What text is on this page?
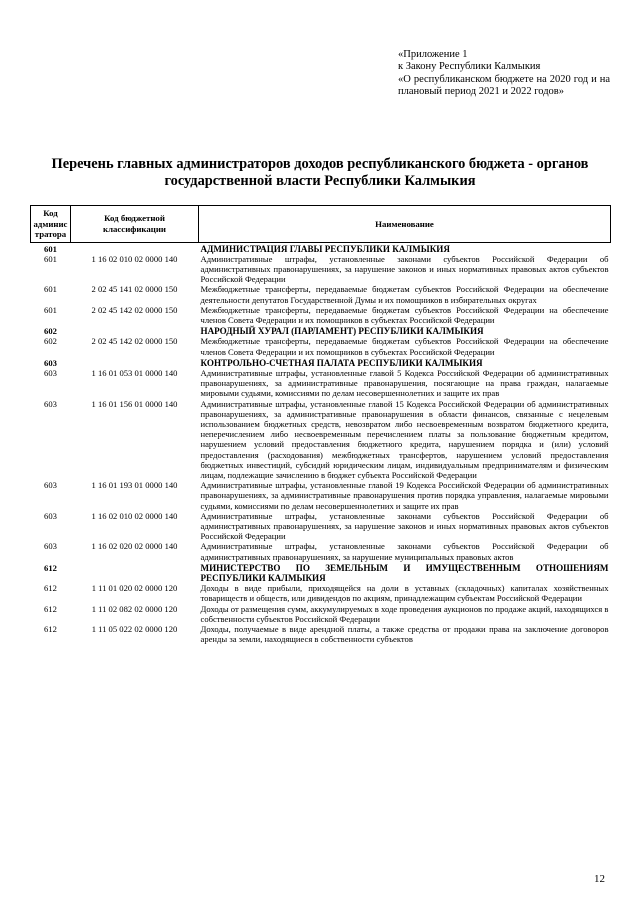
«Приложение 1
к Закону Республики Калмыкия
«О республиканском бюджете на 2020 год и на плановый период 2021 и 2022 годов»
Перечень главных администраторов доходов республиканского бюджета - органов государственной власти Республики Калмыкия
Код админис тратора	Код бюджетной классификации	Наименование
601		АДМИНИСТРАЦИЯ ГЛАВЫ РЕСПУБЛИКИ КАЛМЫКИЯ
601	1 16 02 010 02 0000 140	Административные штрафы, установленные законами субъектов Российской Федерации об административных правонарушениях, за нарушение законов и иных нормативных правовых актов субъектов Российской Федерации
601	2 02 45 141 02 0000 150	Межбюджетные трансферты, передаваемые бюджетам субъектов Российской Федерации на обеспечение деятельности депутатов Государственной Думы и их помощников в избирательных округах
601	2 02 45 142 02 0000 150	Межбюджетные трансферты, передаваемые бюджетам субъектов Российской Федерации на обеспечение членов Совета Федерации и их помощников в субъектах Российской Федерации
602		НАРОДНЫЙ ХУРАЛ (ПАРЛАМЕНТ) РЕСПУБЛИКИ КАЛМЫКИЯ
602	2 02 45 142 02 0000 150	Межбюджетные трансферты, передаваемые бюджетам субъектов Российской Федерации на обеспечение членов Совета Федерации и их помощников в субъектах Российской Федерации
603		КОНТРОЛЬНО-СЧЕТНАЯ ПАЛАТА РЕСПУБЛИКИ КАЛМЫКИЯ
603	1 16 01 053 01 0000 140	Административные штрафы, установленные главой 5 Кодекса Российской Федерации об административных правонарушениях, за административные правонарушения, посягающие на права граждан, налагаемые мировыми судьями, комиссиями по делам несовершеннолетних и защите их прав
603	1 16 01 156 01 0000 140	Административные штрафы, установленные главой 15 Кодекса Российской Федерации об административных правонарушениях, за административные правонарушения в области финансов, связанные с нецелевым использованием бюджетных средств, невозвратом либо несвоевременным возвратом бюджетного кредита, неперечислением либо несвоевременным перечислением платы за пользование бюджетным кредитом, нарушением условий предоставления бюджетного кредита, нарушением порядка и (или) условий предоставления (расходования) межбюджетных трансфертов, нарушением условий предоставления бюджетных инвестиций, субсидий юридическим лицам, индивидуальным предпринимателям и физическим лицам, подлежащие зачислению в бюджет субъекта Российской Федерации
603	1 16 01 193 01 0000 140	Административные штрафы, установленные главой 19 Кодекса Российской Федерации об административных правонарушениях, за административные правонарушения против порядка управления, налагаемые мировыми судьями, комиссиями по делам несовершеннолетних и защите их прав
603	1 16 02 010 02 0000 140	Административные штрафы, установленные законами субъектов Российской Федерации об административных правонарушениях, за нарушение законов и иных нормативных правовых актов субъектов Российской Федерации
603	1 16 02 020 02 0000 140	Административные штрафы, установленные законами субъектов Российской Федерации об административных правонарушениях, за нарушение муниципальных правовых актов
612		МИНИСТЕРСТВО ПО ЗЕМЕЛЬНЫМ И ИМУЩЕСТВЕННЫМ ОТНОШЕНИЯМ РЕСПУБЛИКИ КАЛМЫКИЯ
612	1 11 01 020 02 0000 120	Доходы в виде прибыли, приходящейся на доли в уставных (складочных) капиталах хозяйственных товариществ и обществ, или дивидендов по акциям, принадлежащим субъектам Российской Федерации
612	1 11 02 082 02 0000 120	Доходы от размещения сумм, аккумулируемых в ходе проведения аукционов по продаже акций, находящихся в собственности субъектов Российской Федерации
612	1 11 05 022 02 0000 120	Доходы, получаемые в виде арендной платы, а также средства от продажи права на заключение договоров аренды за земли, находящиеся в собственности субъектов
12
